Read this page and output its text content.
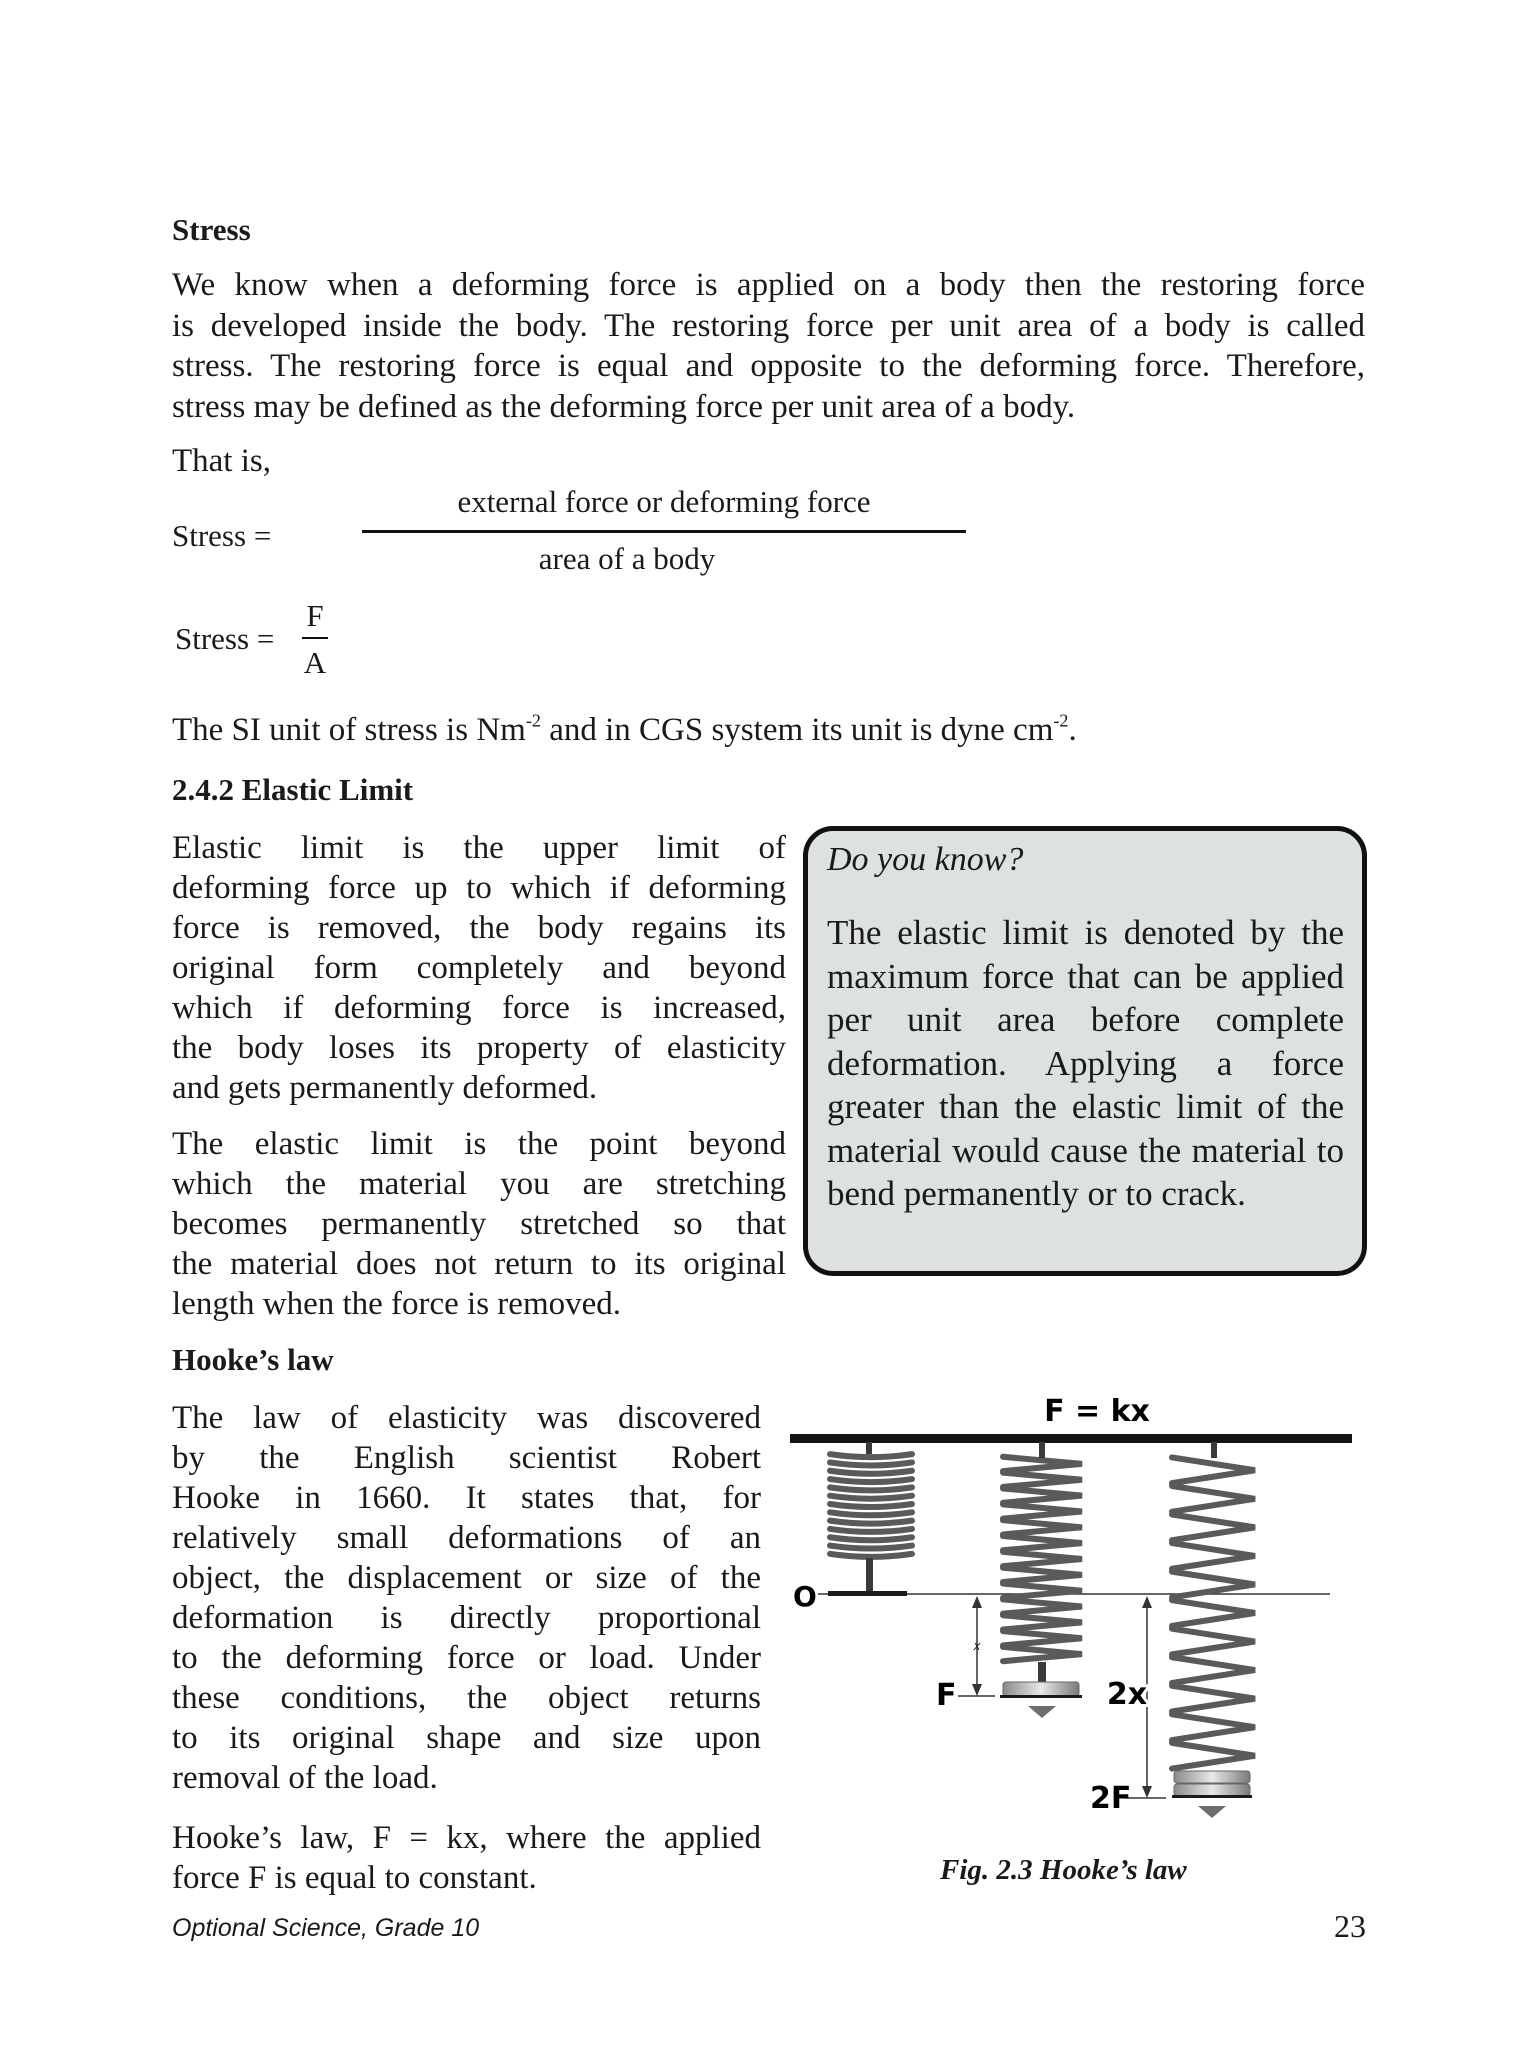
Stress
We know when a deforming force is applied on a body then the restoring force
is developed inside the body. The restoring force per unit area of a body is called
stress. The restoring force is equal and opposite to the deforming force. Therefore,
stress may be defined as the deforming force per unit area of a body.
That is,
Stress =
external force or deforming force
area of a body
Stress =
F
A
The SI unit of stress is $Nm^{-2}$ and in CGS system its unit is dyne $cm^{-2}$.
2.4.2 Elastic Limit
Elastic limit is the upper limit of
deforming force up to which if deforming
force is removed, the body regains its
original form completely and beyond
which if deforming force is increased,
the body loses its property of elasticity
and gets permanently deformed.
The elastic limit is the point beyond
which the material you are stretching
becomes permanently stretched so that
the material does not return to its original
length when the force is removed.
Do you know?
The elastic limit is denoted by the maximum force that can be applied per unit area before complete deformation. Applying a force greater than the elastic limit of the material would cause the material to bend permanently or to crack.
Hooke’s law
The law of elasticity was discovered
by the English scientist Robert
Hooke in 1660. It states that, for
relatively small deformations of an
object, the displacement or size of the
deformation is directly proportional
to the deforming force or load. Under
these conditions, the object returns
to its original shape and size upon
removal of the load.
Hooke’s law, F = kx, where the applied
force F is equal to constant.
F = kx
O
x
F	2x
2F
Fig. 2.3 Hooke’s law
Optional Science, Grade 10	23
